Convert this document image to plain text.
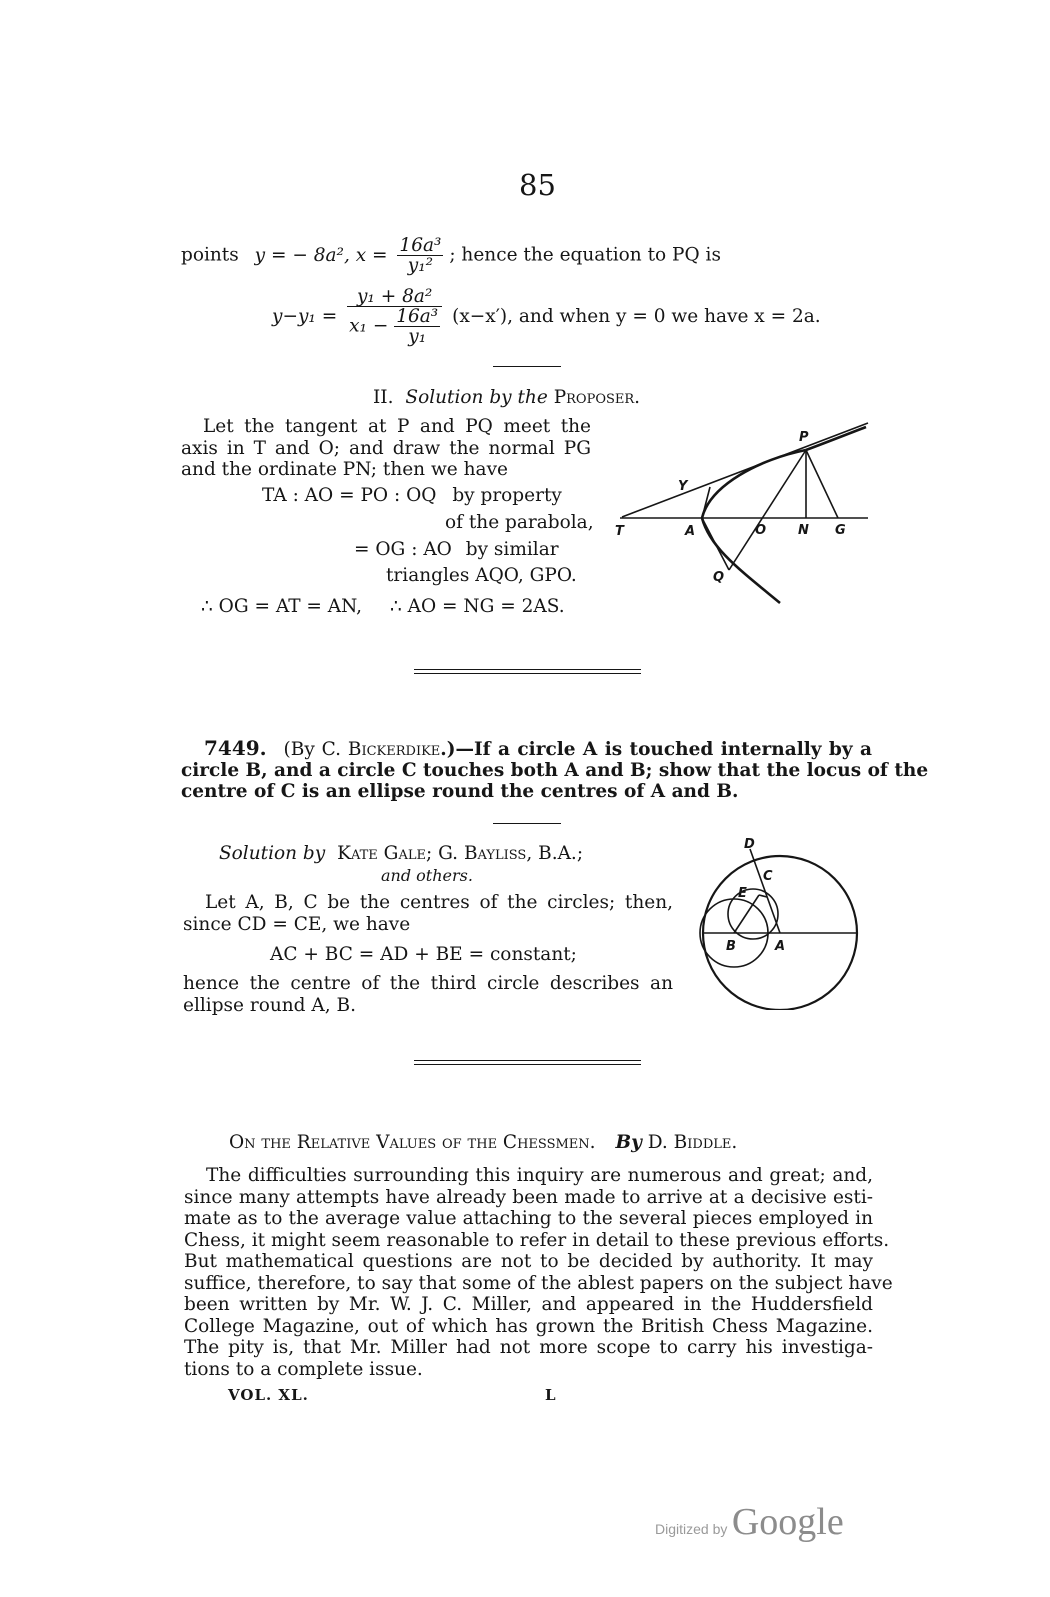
85
points y = − 8a², $x = \frac{\text{16a³}}{\text{y₁²}}$ ; hence the equation to PQ is
$y-y_1 = \frac{\text{y₁ + 8a²}}{x_1 - \frac{\text{16a³}}{\text{y₁}}} (x-x')$, and when y = 0 we have x = 2a.
II. Solution by the Proposer.
Let the tangent at P and PQ meet the
axis in T and O; and draw the normal PG
and the ordinate PN; then we have
TA : AO = PO : OQ by property
of the parabola,
= OG : AO by similar
triangles AQO, GPO.
∴ OG = AT = AN, ∴ AO = NG = 2AS.
P
Y
T	A	O N G
Q
7449. (By C. Bickerdike.)—If a circle A is touched internally by a
circle B, and a circle C touches both A and B; show that the locus of the
centre of C is an ellipse round the centres of A and B.
Solution by Kate Gale; G. Bayliss, B.A.;
and others.
Let A, B, C be the centres of the circles; then,
since CD = CE, we have
AC + BC = AD + BE = constant;
hence the centre of the third circle describes an
ellipse round A, B.
D
C
E
B	A
On the Relative Values of the Chessmen. By D. Biddle.
The difficulties surrounding this inquiry are numerous and great; and,
since many attempts have already been made to arrive at a decisive esti-
mate as to the average value attaching to the several pieces employed in
Chess, it might seem reasonable to refer in detail to these previous efforts.
But mathematical questions are not to be decided by authority. It may
suffice, therefore, to say that some of the ablest papers on the subject have
been written by Mr. W. J. C. Miller, and appeared in the Huddersfield
College Magazine, out of which has grown the British Chess Magazine.
The pity is, that Mr. Miller had not more scope to carry his investiga-
tions to a complete issue.
VOL. XL.	L
Digitized by Google
